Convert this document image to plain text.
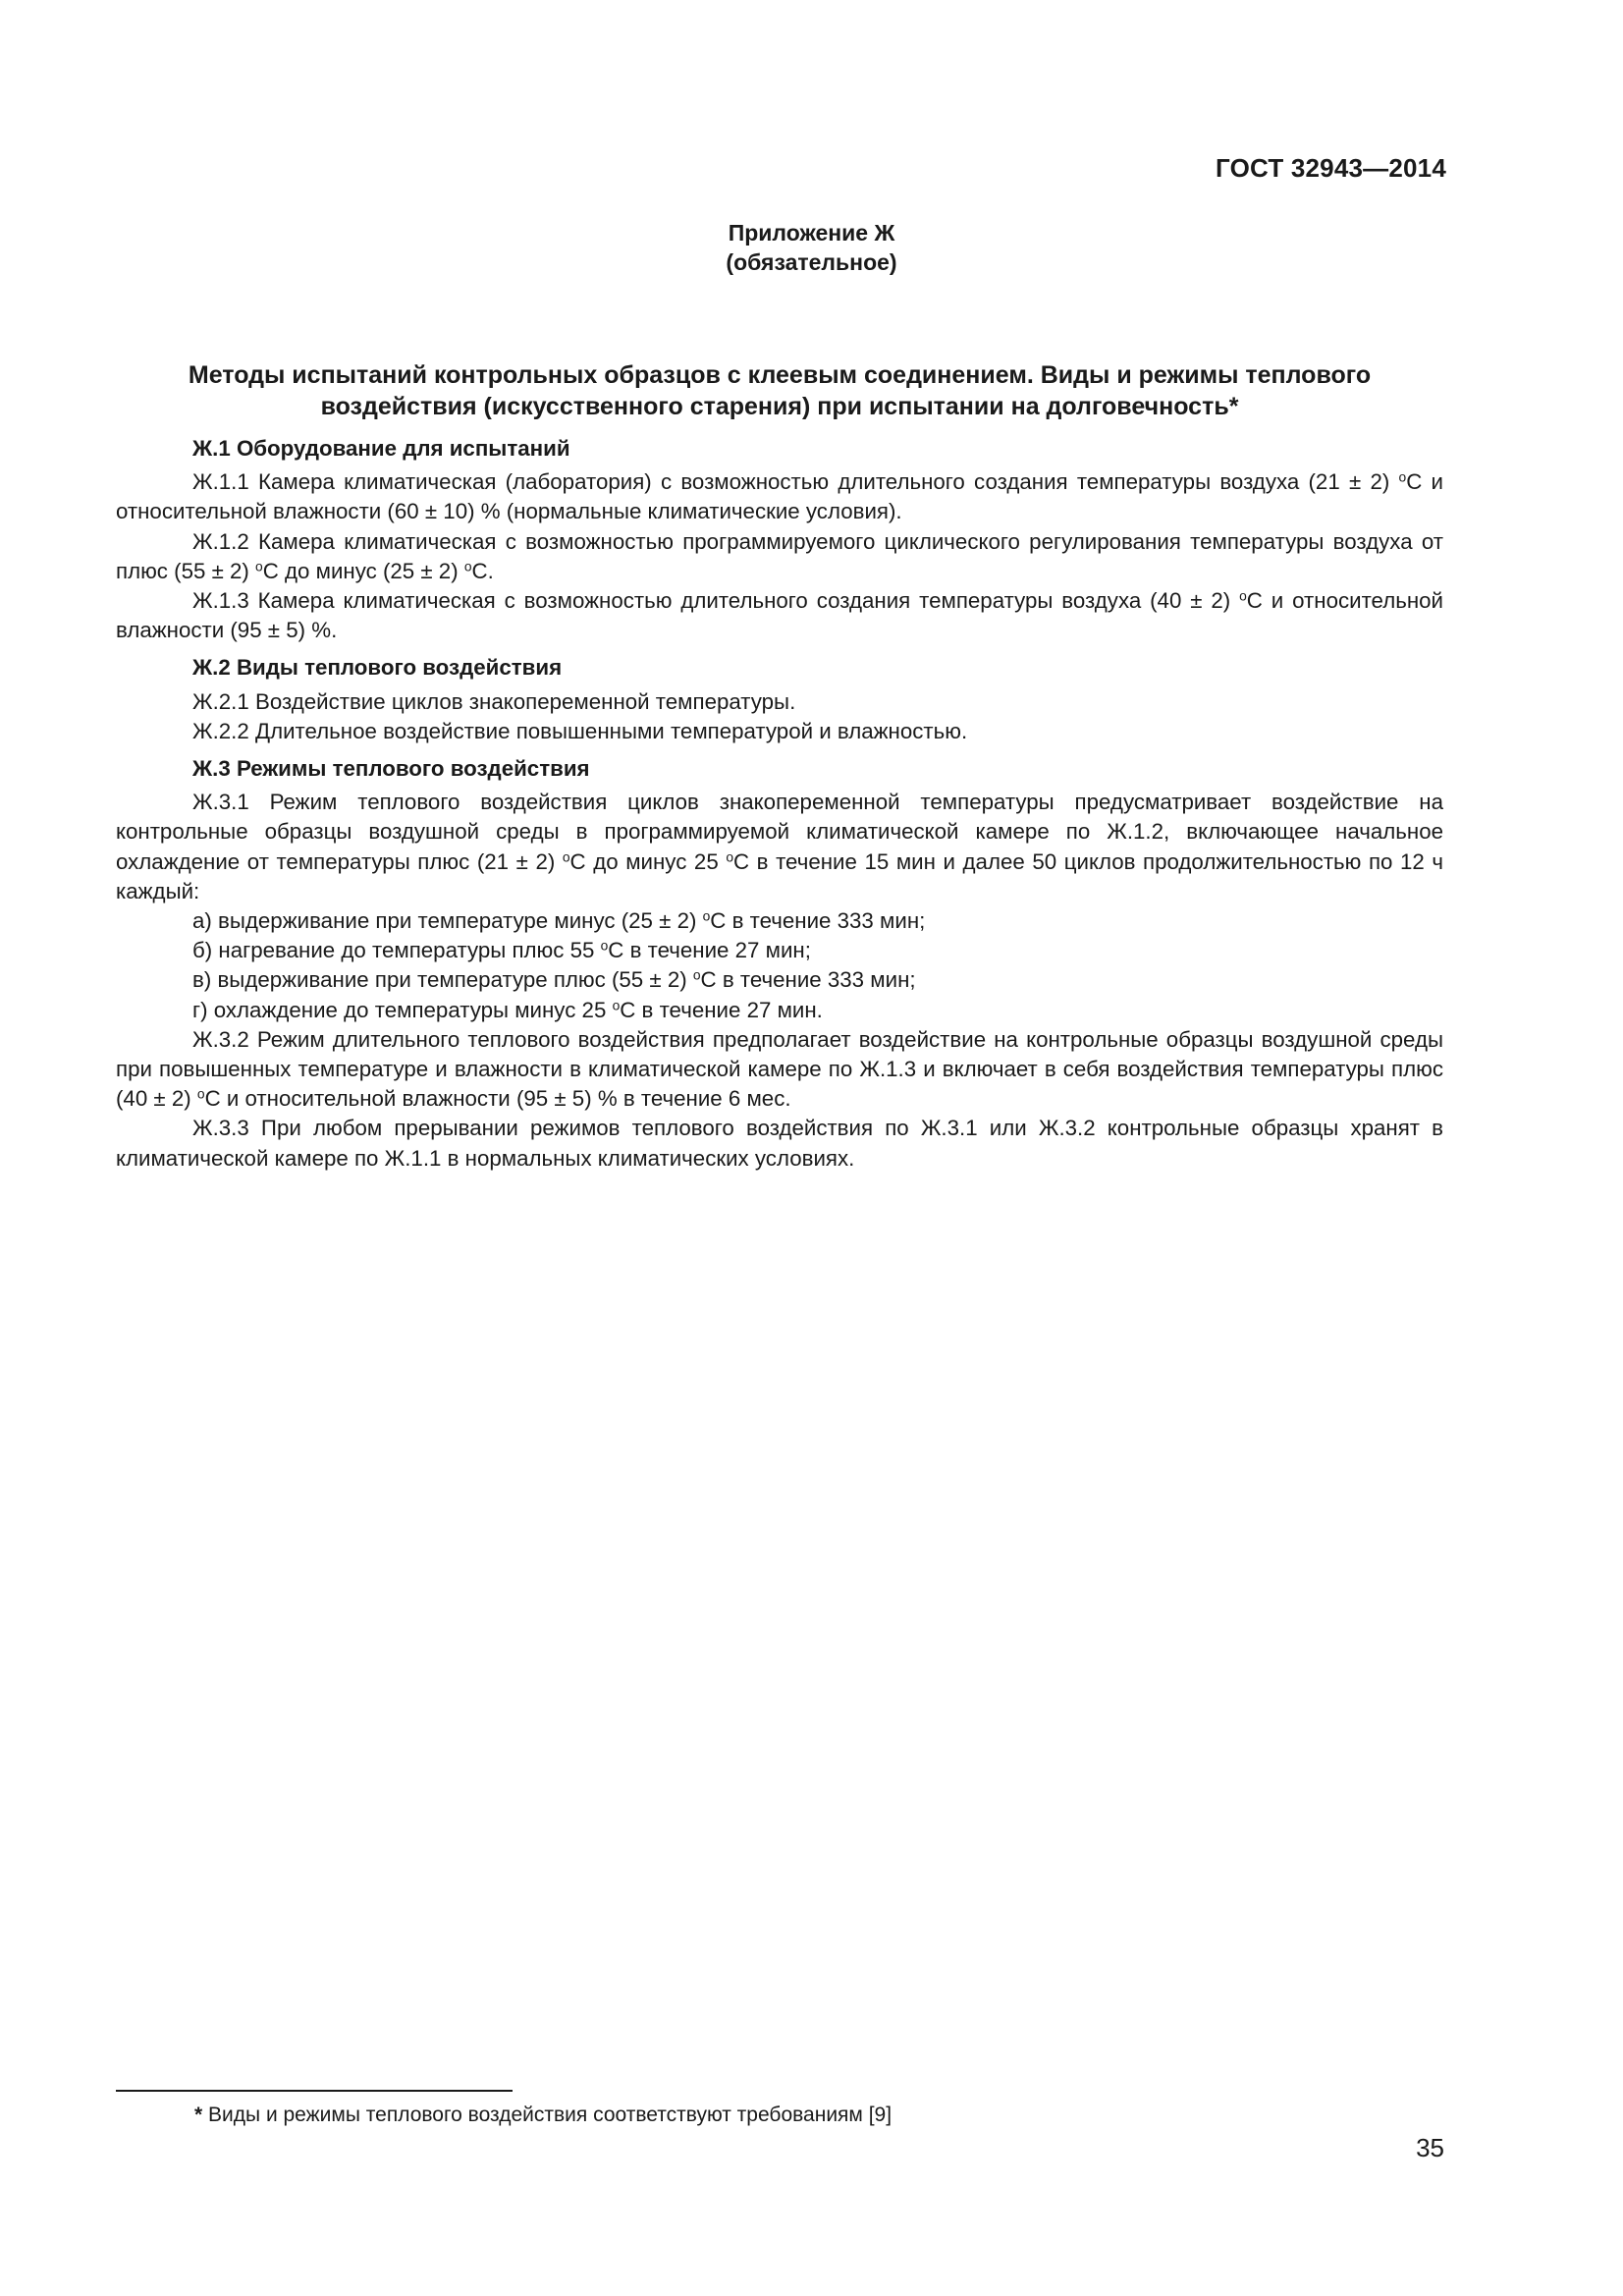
ГОСТ 32943—2014
Приложение Ж
(обязательное)
Методы испытаний контрольных образцов с клеевым соединением. Виды и режимы теплового
воздействия (искусственного старения) при испытании на долговечность*

Ж.1 Оборудование для испытаний

Ж.1.1 Камера климатическая (лаборатория) с возможностью длительного создания температуры воздуха (21 ± 2) $^o$С и относительной влажности (60 ± 10) % (нормальные климатические условия).

Ж.1.2 Камера климатическая с возможностью программируемого циклического регулирования температуры воздуха от плюс (55 ± 2) $^o$С до минус (25 ± 2) $^o$С.

Ж.1.3 Камера климатическая с возможностью длительного создания температуры воздуха (40 ± 2) $^o$С и относительной влажности (95 ± 5) %.

Ж.2 Виды теплового воздействия

Ж.2.1 Воздействие циклов знакопеременной температуры.

Ж.2.2 Длительное воздействие повышенными температурой и влажностью.

Ж.3 Режимы теплового воздействия

Ж.3.1 Режим теплового воздействия циклов знакопеременной температуры предусматривает воздействие на контрольные образцы воздушной среды в программируемой климатической камере по Ж.1.2, включающее начальное охлаждение от температуры плюс (21 ± 2) $^o$С до минус 25 $^o$С в течение 15 мин и далее 50 циклов продолжительностью по 12 ч каждый:

а) выдерживание при температуре минус (25 ± 2) $^o$С в течение 333 мин;

б) нагревание до температуры плюс 55 $^o$С в течение 27 мин;

в) выдерживание при температуре плюс (55 ± 2) $^o$С в течение 333 мин;

г) охлаждение до температуры минус 25 $^o$С в течение 27 мин.

Ж.3.2 Режим длительного теплового воздействия предполагает воздействие на контрольные образцы воздушной среды при повышенных температуре и влажности в климатической камере по Ж.1.3 и включает в себя воздействия температуры плюс (40 ± 2) $^o$С и относительной влажности (95 ± 5) % в течение 6 мес.

Ж.3.3 При любом прерывании режимов теплового воздействия по Ж.3.1 или Ж.3.2 контрольные образцы хранят в климатической камере по Ж.1.1 в нормальных климатических условиях.

* Виды и режимы теплового воздействия соответствуют требованиям [9]
35
